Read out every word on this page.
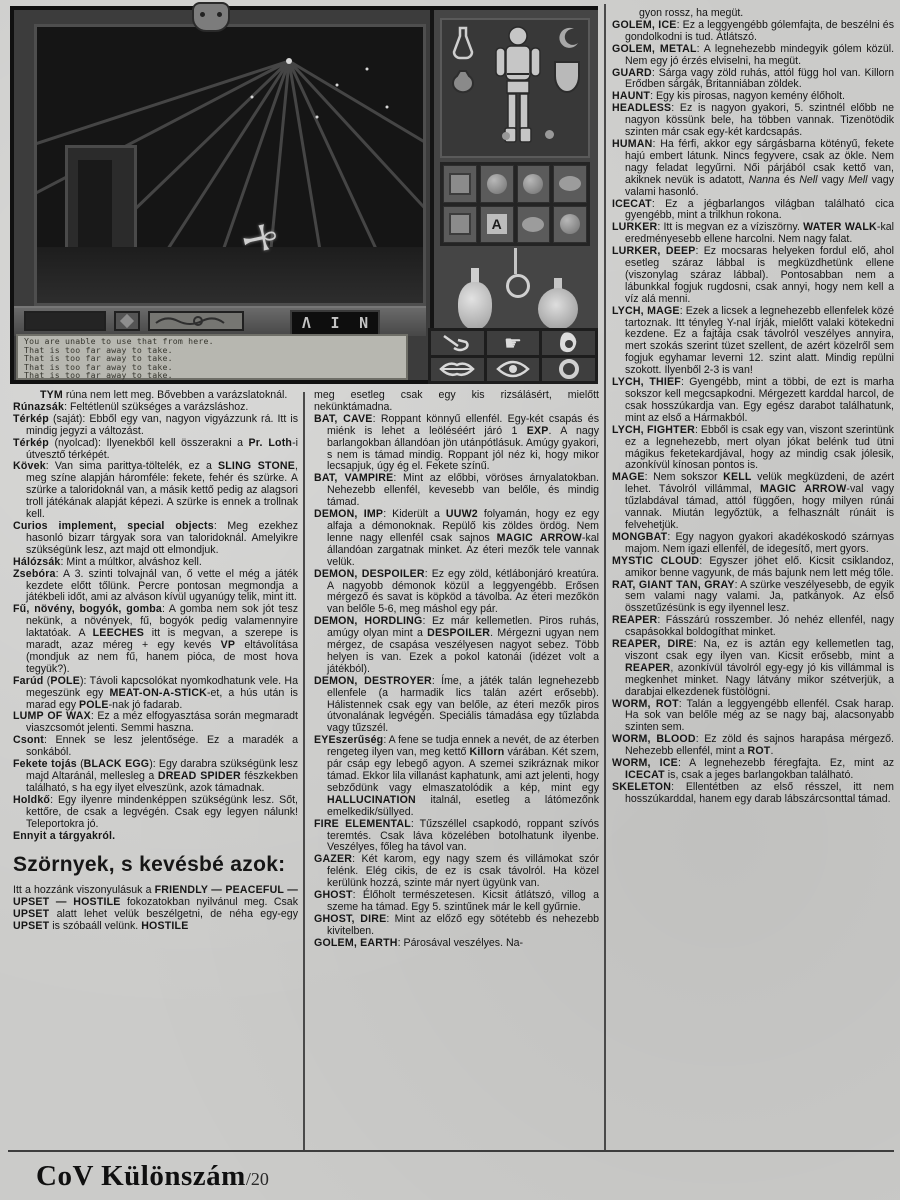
☥
Λ Ι Ν
You are unable to use that from here.
That is too far away to take.
That is too far away to take.
That is too far away to take.
That is too far away to take.
A
☛

TYM rúna nem lett meg. Bővebben a varázslatoknál.

Rúnazsák: Feltétlenül szükséges a varázsláshoz.

Térkép (saját): Ebből egy van, nagyon vigyázzunk rá. Itt is mindig jegyzi a változást.

Térkép (nyolcad): Ilyenekből kell összerakni a Pr. Loth-i útvesztő térképét.

Kövek: Van sima parittya-töltelék, ez a SLING STONE, meg színe alapján háromféle: fekete, fehér és szürke. A szürke a taloridoknál van, a másik kettő pedig az alagsori troll játékának alapját képezi. A szürke is ennek a trollnak kell.

Curios implement, special objects: Meg ezekhez hasonló bizarr tárgyak sora van taloridoknál. Amelyikre szükségünk lesz, azt majd ott elmondjuk.

Hálózsák: Mint a múltkor, alváshoz kell.

Zsebóra: A 3. szinti tolvajnál van, ő vette el még a játék kezdete előtt tőlünk. Percre pontosan megmondja a játékbeli időt, ami az alváson kívül ugyanúgy telik, mint itt.

Fű, növény, bogyók, gomba: A gomba nem sok jót tesz nekünk, a növények, fű, bogyók pedig valamennyire laktatóak. A LEECHES itt is megvan, a szerepe is maradt, azaz méreg + egy kevés VP eltávolítása (mondjuk az nem fű, hanem pióca, de most hova tegyük?).

Farúd (POLE): Távoli kapcsolókat nyomkodhatunk vele. Ha megeszünk egy MEAT-ON-A-STICK-et, a hús után is marad egy POLE-nak jó fadarab.

LUMP OF WAX: Ez a méz elfogyasztása során megmaradt viaszcsomót jelenti. Semmi haszna.

Csont: Ennek se lesz jelentősége. Ez a maradék a sonkából.

Fekete tojás (BLACK EGG): Egy darabra szükségünk lesz majd Altaránál, mellesleg a DREAD SPIDER fészkekben található, s ha egy ilyet elveszünk, azok támadnak.

Holdkő: Egy ilyenre mindenképpen szükségünk lesz. Sőt, kettőre, de csak a legvégén. Csak egy legyen nálunk! Teleportokra jó.

Ennyit a tárgyakról.

Szörnyek, s kevésbé azok:

Itt a hozzánk viszonyulásuk a FRIENDLY — PEACEFUL — UPSET — HOSTILE fokozatokban nyilvánul meg. Csak UPSET alatt lehet velük beszélgetni, de néha egy-egy UPSET is szóbaáll velünk. HOSTILE

meg esetleg csak egy kis rizsálásért, mielőtt nekünktámadna.

BAT, CAVE: Roppant könnyű ellenfél. Egy-két csapás és miénk is lehet a leöléséért járó 1 EXP. A nagy barlangokban állandóan jön utánpótlásuk. Amúgy gyakori, s nem is támad mindig. Roppant jól néz ki, hogy mikor lecsapjuk, úgy ég el. Fekete színű.

BAT, VAMPIRE: Mint az előbbi, vöröses árnyalatokban. Nehezebb ellenfél, kevesebb van belőle, és mindig támad.

DEMON, IMP: Kiderült a UUW2 folyamán, hogy ez egy alfaja a démonoknak. Repülő kis zöldes ördög. Nem lenne nagy ellenfél csak sajnos MAGIC ARROW-kal állandóan zargatnak minket. Az éteri mezők tele vannak velük.

DEMON, DESPOILER: Ez egy zöld, kétlábonjáró kreatúra. A nagyobb démonok közül a leggyengébb. Erősen mérgező és savat is köpköd a távolba. Az éteri mezőkön van belőle 5-6, meg máshol egy pár.

DEMON, HORDLING: Ez már kellemetlen. Piros ruhás, amúgy olyan mint a DESPOILER. Mérgezni ugyan nem mérgez, de csapása veszélyesen nagyot sebez. Több helyen is van. Ezek a pokol katonái (idézet volt a játékból).

DEMON, DESTROYER: Íme, a játék talán legnehezebb ellenfele (a harmadik lics talán azért erősebb). Hálistennek csak egy van belőle, az éteri mezők piros útvonalának legvégén. Speciális támadása egy tűzlabda vagy tűzszél.

EYEszerűség: A fene se tudja ennek a nevét, de az éterben rengeteg ilyen van, meg kettő Killorn várában. Két szem, pár csáp egy lebegő agyon. A szemei szikráznak mikor támad. Ekkor lila villanást kaphatunk, ami azt jelenti, hogy sebződünk vagy elmaszatolódik a kép, mint egy HALLUCINATION italnál, esetleg a látómezőnk emelkedik/süllyed.

FIRE ELEMENTAL: Tűzszéllel csapkodó, roppant szívós teremtés. Csak láva közelében botolhatunk ilyenbe. Veszélyes, főleg ha távol van.

GAZER: Két karom, egy nagy szem és villámokat szór felénk. Elég cikis, de ez is csak távolról. Ha közel kerülünk hozzá, szinte már nyert ügyünk van.

GHOST: Élőholt természetesen. Kicsit átlátszó, villog a szeme ha támad. Egy 5. szintűnek már le kell gyűrnie.

GHOST, DIRE: Mint az előző egy sötétebb és nehezebb kivitelben.

GOLEM, EARTH: Párosával veszélyes. Na-

gyon rossz, ha megüt.

GOLEM, ICE: Ez a leggyengébb gólemfajta, de beszélni és gondolkodni is tud. Átlátszó.

GOLEM, METAL: A legnehezebb mindegyik gólem közül. Nem egy jó érzés elviselni, ha megüt.

GUARD: Sárga vagy zöld ruhás, attól függ hol van. Killorn Erődben sárgák, Britanniában zöldek.

HAUNT: Egy kis pirosas, nagyon kemény élőholt.

HEADLESS: Ez is nagyon gyakori, 5. szintnél előbb ne nagyon kössünk bele, ha többen vannak. Tizenötödik szinten már csak egy-két kardcsapás.

HUMAN: Ha férfi, akkor egy sárgásbarna kötényű, fekete hajú embert látunk. Nincs fegyvere, csak az ökle. Nem nagy feladat legyűrni. Női párjából csak kettő van, akiknek nevük is adatott, Nanna és Nell vagy Mell vagy valami hasonló.

ICECAT: Ez a jégbarlangos világban található cica gyengébb, mint a trilkhun rokona.

LURKER: Itt is megvan ez a víziszörny. WATER WALK-kal eredményesebb ellene harcolni. Nem nagy falat.

LURKER, DEEP: Ez mocsaras helyeken fordul elő, ahol esetleg száraz lábbal is megküzdhetünk ellene (viszonylag száraz lábbal). Pontosabban nem a lábunkkal fogjuk rugdosni, csak annyi, hogy nem kell a víz alá menni.

LYCH, MAGE: Ezek a licsek a legnehezebb ellenfelek közé tartoznak. Itt tényleg Y-nal írják, mielőtt valaki kötekedni kezdene. Ez a fajtája csak távolról veszélyes annyira, mert szokás szerint tüzet szellent, de azért közelről sem fogjuk egyhamar leverni 12. szint alatt. Mindig repülni szokott. Ilyenből 2-3 is van!

LYCH, THIEF: Gyengébb, mint a többi, de ezt is marha sokszor kell megcsapkodni. Mérgezett karddal harcol, de csak hosszúkardja van. Egy egész darabot találhatunk, mint az első a Hármakból.

LYCH, FIGHTER: Ebből is csak egy van, viszont szerintünk ez a legnehezebb, mert olyan jókat belénk tud ütni mágikus feketekardjával, hogy az mindig csak jólesik, azonkívül kínosan pontos is.

MAGE: Nem sokszor KELL velük megküzdeni, de azért lehet. Távolról villámmal, MAGIC ARROW-val vagy tűzlabdával támad, attól függően, hogy milyen rúnái vannak. Miután legyőztük, a felhasznált rúnáit is felvehetjük.

MONGBAT: Egy nagyon gyakori akadékoskodó szárnyas majom. Nem igazi ellenfél, de idegesítő, mert gyors.

MYSTIC CLOUD: Egyszer jöhet elő. Kicsit csiklandoz, amikor benne vagyunk, de más bajunk nem lett még tőle.

RAT, GIANT TAN, GRAY: A szürke veszélyesebb, de egyik sem valami nagy valami. Ja, patkányok. Az első összetűzésünk is egy ilyennel lesz.

REAPER: Fásszárú rosszember. Jó nehéz ellenfél, nagy csapásokkal boldogíthat minket.

REAPER, DIRE: Na, ez is aztán egy kellemetlen tag, viszont csak egy ilyen van. Kicsit erősebb, mint a REAPER, azonkívül távolról egy-egy jó kis villámmal is megkenhet minket. Nagy látvány mikor szétverjük, a darabjai elkezdenek füstölögni.

WORM, ROT: Talán a leggyengébb ellenfél. Csak harap. Ha sok van belőle még az se nagy baj, alacsonyabb szinten sem.

WORM, BLOOD: Ez zöld és sajnos harapása mérgező. Nehezebb ellenfél, mint a ROT.

WORM, ICE: A legnehezebb féregfajta. Ez, mint az ICECAT is, csak a jeges barlangokban található.

SKELETON: Ellentétben az első résszel, itt nem hosszúkarddal, hanem egy darab lábszárcsonttal támad.

CoV Különszám/20
